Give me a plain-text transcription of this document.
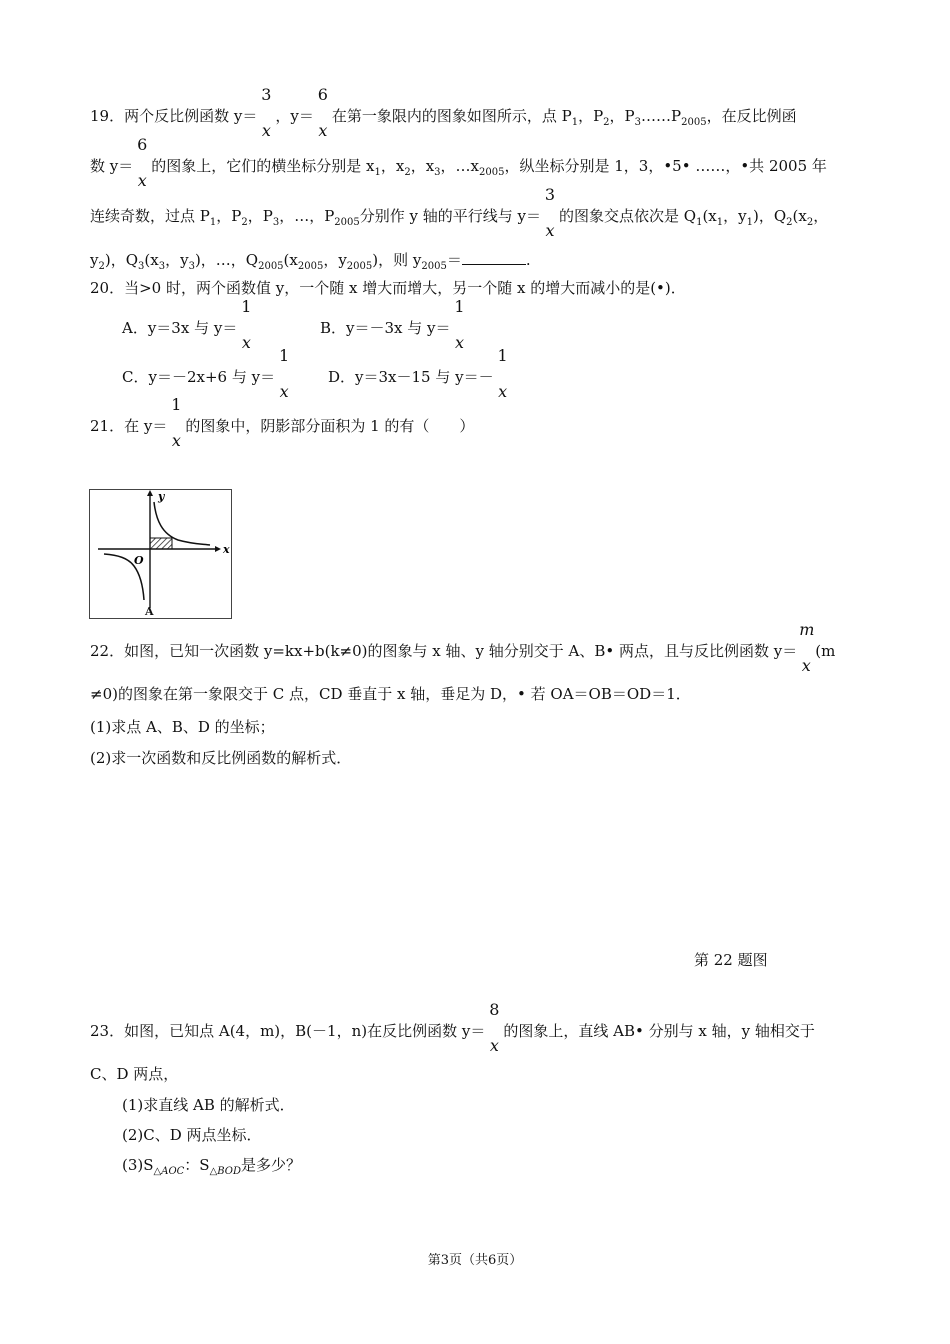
19．两个反比例函数 y＝
3
x
，y＝
6
x
在第一象限内的图象如图所示，点 $P_1$，$P_2$，$P_3\dots\dots P_{2005}$，在反比例函
数 y＝
6
x
的图象上，它们的横坐标分别是 $x_1$，$x_2$，$x_3$，$\dots x_{2005}$，纵坐标分别是 1，3，•5• ……，•共 2005 年
连续奇数，过点 $P_1$，$P_2$，$P_3$，…，$P_{2005}$分别作 y 轴的平行线与 y＝
3
x
的图象交点依次是 $Q_1(x_1$，$y_1$)，$Q_2(x_2$，
$y_2$)，$Q_3(x_3$，$y_3$)，…，$Q_{2005}(x_{2005}$，$y_{2005}$)，则 $y_{2005}=$	.
20．当>0 时，两个函数值 y，一个随 x 增大而增大，另一个随 x 的增大而减小的是(•)．
A．y＝3x 与 y＝
1
x
B．y＝－3x 与 y＝
1
x
C．y＝－2x+6 与 y＝
1
x
D．y＝3x－15 与 y＝－
1
x
21．在 y＝
1
x
的图象中，阴影部分面积为 1 的有（　　）
y
x
O
A
22．如图，已知一次函数 y=kx+b(k≠0)的图象与 x 轴、y 轴分别交于 A、B• 两点，且与反比例函数 y＝
m
x
(m
≠0)的图象在第一象限交于 C 点，CD 垂直于 x 轴，垂足为 D，• 若 OA＝OB＝OD＝1．
(1)求点 A、B、D 的坐标；
(2)求一次函数和反比例函数的解析式．
第 22 题图
23．如图，已知点 A(4，m)，B(－1，n)在反比例函数 y＝
8
x
的图象上，直线 AB• 分别与 x 轴，y 轴相交于
C、D 两点，
(1)求直线 AB 的解析式．
(2)C、D 两点坐标．
$(3)S_{\triangle AOC}$：$S_{\triangle BOD}$是多少？
第3页（共6页）
